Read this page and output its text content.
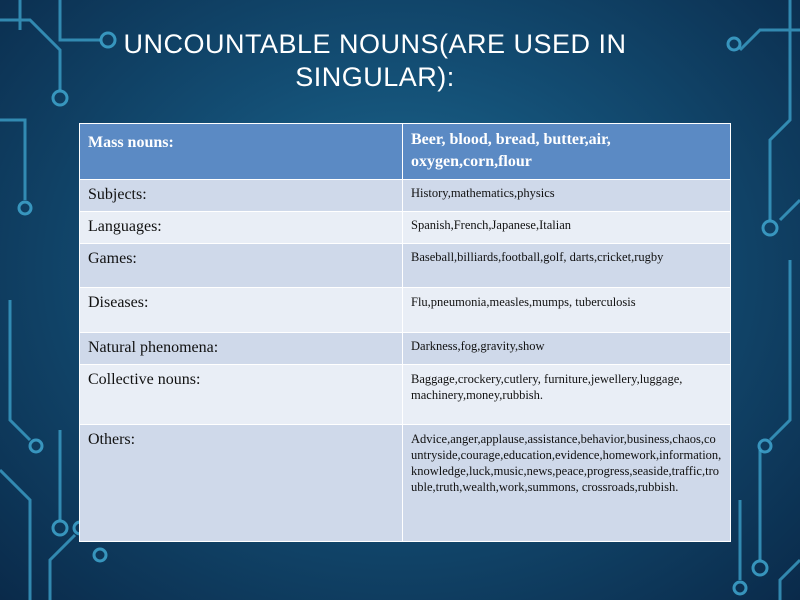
UNCOUNTABLE NOUNS(ARE USED IN SINGULAR):
Mass nouns:	Beer, blood, bread, butter,air, oxygen,corn,flour
Subjects:	History,mathematics,physics
Languages:	Spanish,French,Japanese,Italian
Games:	Baseball,billiards,football,golf, darts,cricket,rugby
Diseases:	Flu,pneumonia,measles,mumps, tuberculosis
Natural phenomena:	Darkness,fog,gravity,show
Collective nouns:	Baggage,crockery,cutlery, furniture,jewellery,luggage, machinery,money,rubbish.
Others:	Advice,anger,applause,assistance,behavior,business,chaos,countryside,courage,education,evidence,homework,information,knowledge,luck,music,news,peace,progress,seaside,traffic,trouble,truth,wealth,work,summons, crossroads,rubbish.
